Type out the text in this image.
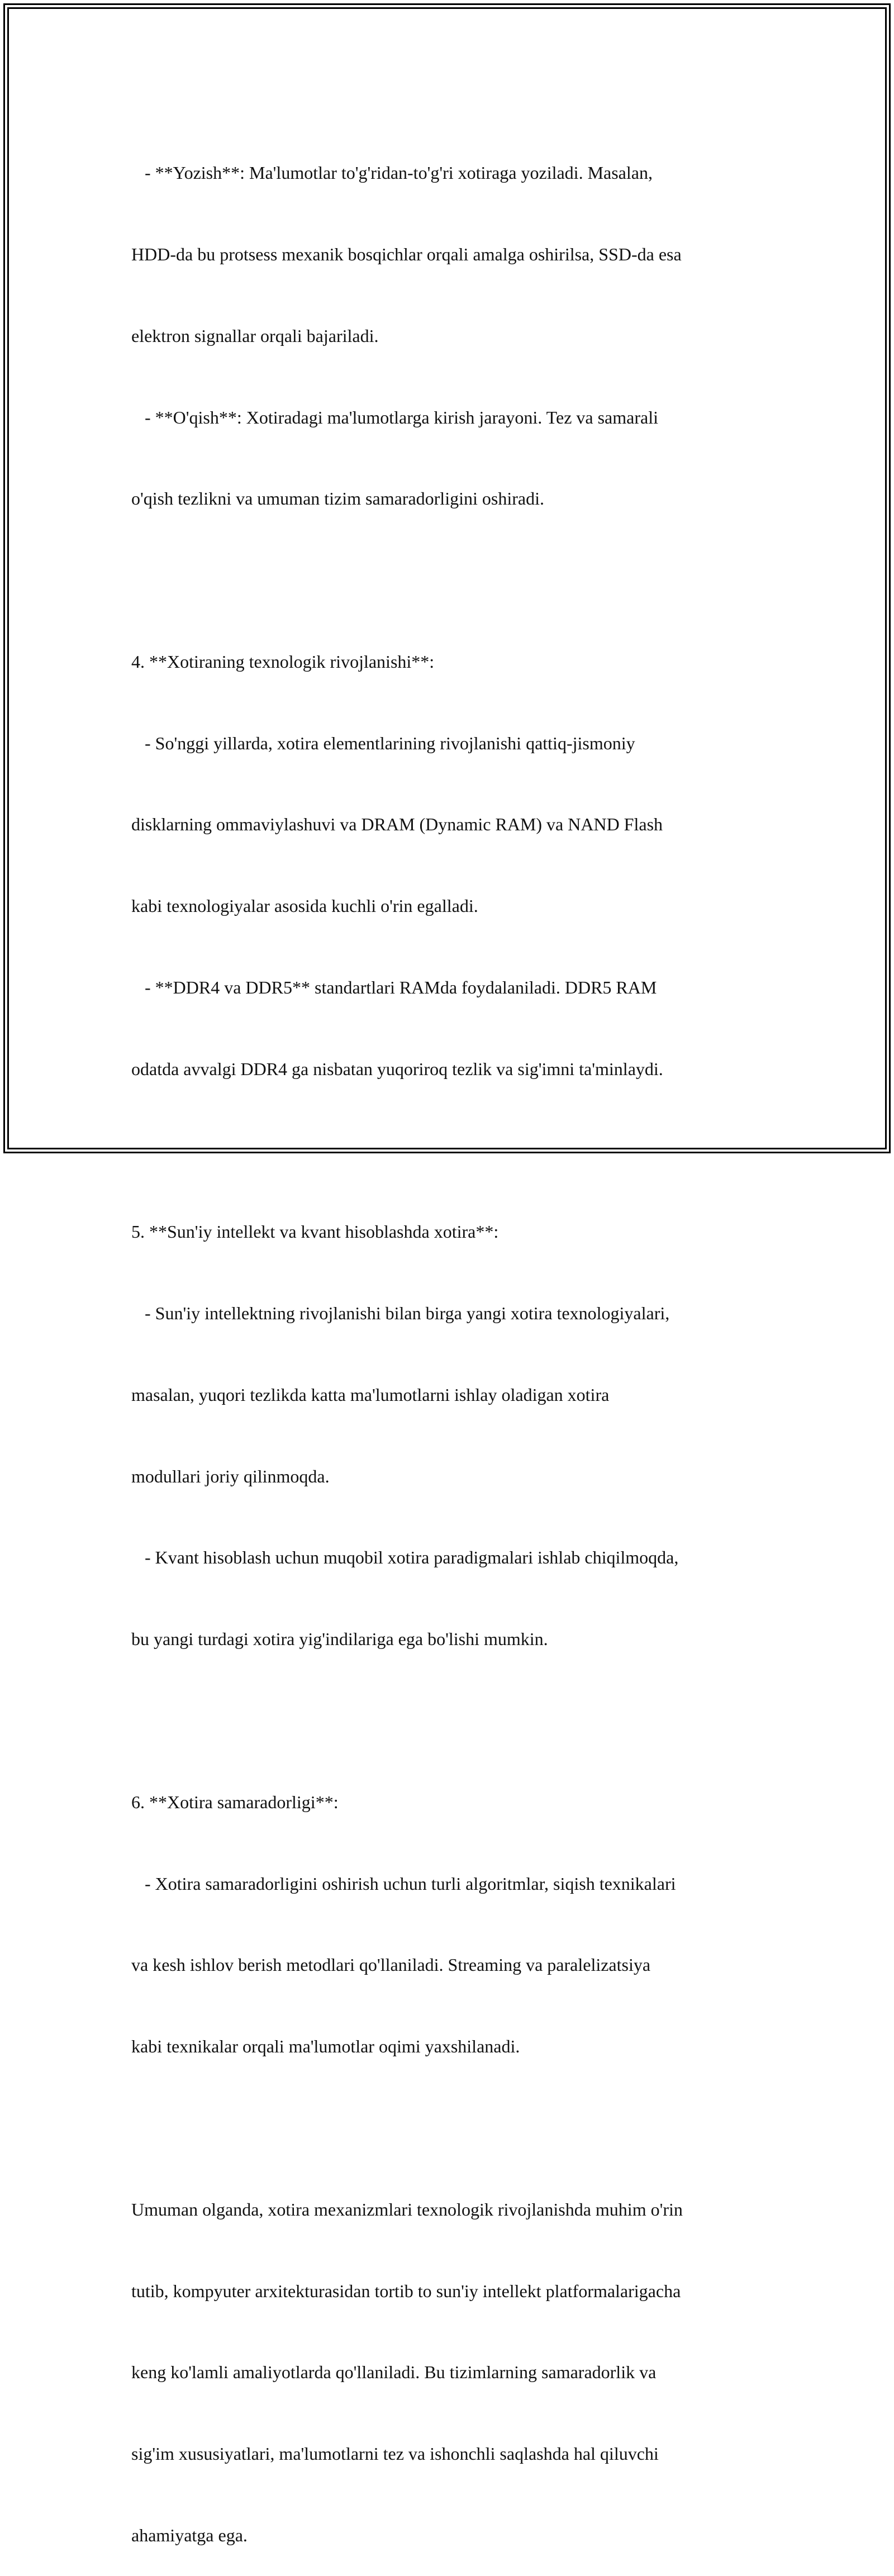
- **Yozish**: Ma'lumotlar to'g'ridan-to'g'ri xotiraga yoziladi. Masalan,

HDD-da bu protsess mexanik bosqichlar orqali amalga oshirilsa, SSD-da esa

elektron signallar orqali bajariladi.

- **O'qish**: Xotiradagi ma'lumotlarga kirish jarayoni. Tez va samarali

o'qish tezlikni va umuman tizim samaradorligini oshiradi.

4. **Xotiraning texnologik rivojlanishi**:

- So'nggi yillarda, xotira elementlarining rivojlanishi qattiq-jismoniy

disklarning ommaviylashuvi va DRAM (Dynamic RAM) va NAND Flash

kabi texnologiyalar asosida kuchli o'rin egalladi.

- **DDR4 va DDR5** standartlari RAMda foydalaniladi. DDR5 RAM

odatda avvalgi DDR4 ga nisbatan yuqoriroq tezlik va sig'imni ta'minlaydi.

5. **Sun'iy intellekt va kvant hisoblashda xotira**:

- Sun'iy intellektning rivojlanishi bilan birga yangi xotira texnologiyalari,

masalan, yuqori tezlikda katta ma'lumotlarni ishlay oladigan xotira

modullari joriy qilinmoqda.

- Kvant hisoblash uchun muqobil xotira paradigmalari ishlab chiqilmoqda,

bu yangi turdagi xotira yig'indilariga ega bo'lishi mumkin.

6. **Xotira samaradorligi**:

- Xotira samaradorligini oshirish uchun turli algoritmlar, siqish texnikalari

va kesh ishlov berish metodlari qo'llaniladi. Streaming va paralelizatsiya

kabi texnikalar orqali ma'lumotlar oqimi yaxshilanadi.

Umuman olganda, xotira mexanizmlari texnologik rivojlanishda muhim o'rin

tutib, kompyuter arxitekturasidan tortib to sun'iy intellekt platformalarigacha

keng ko'lamli amaliyotlarda qo'llaniladi. Bu tizimlarning samaradorlik va

sig'im xususiyatlari, ma'lumotlarni tez va ishonchli saqlashda hal qiluvchi

ahamiyatga ega.
